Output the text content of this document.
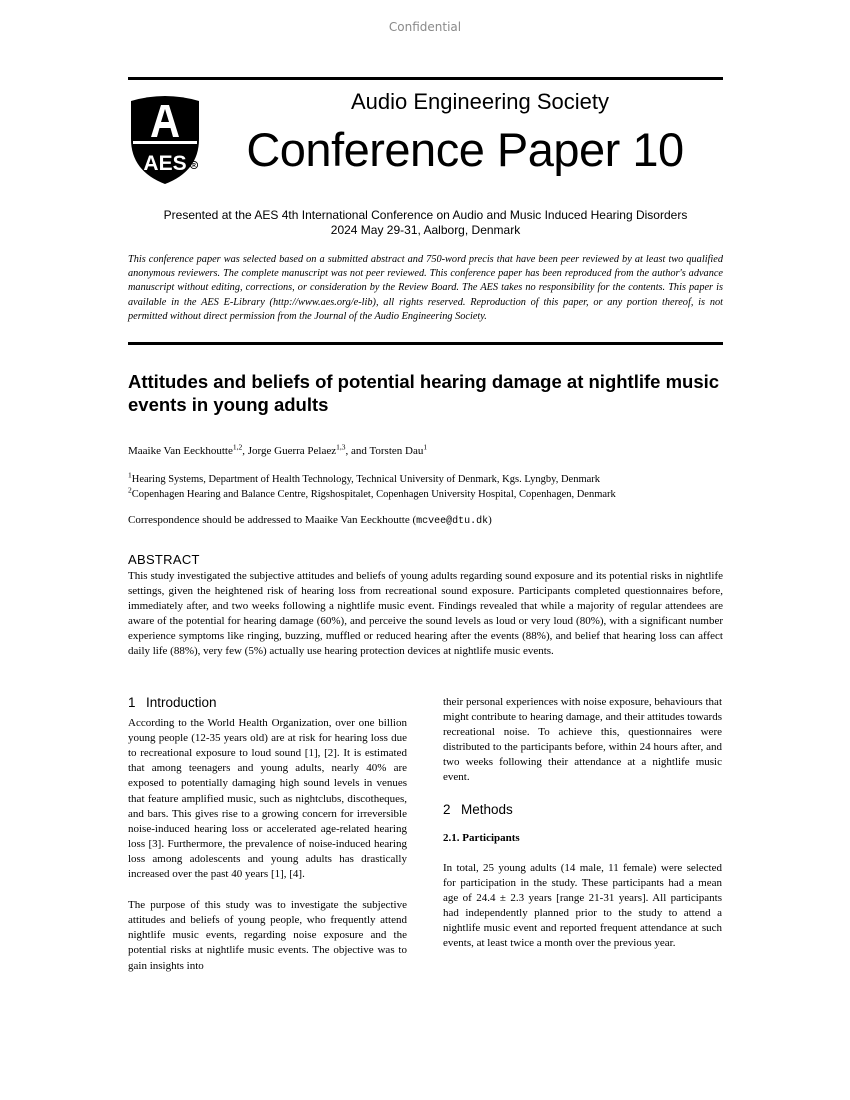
Confidential
AES R
Audio Engineering Society
Conference Paper 10
Presented at the AES 4th International Conference on Audio and Music Induced Hearing Disorders
2024 May 29-31, Aalborg, Denmark
This conference paper was selected based on a submitted abstract and 750-word precis that have been peer reviewed by at least two qualified anonymous reviewers. The complete manuscript was not peer reviewed. This conference paper has been reproduced from the author's advance manuscript without editing, corrections, or consideration by the Review Board. The AES takes no responsibility for the contents. This paper is available in the AES E-Library (http://www.aes.org/e-lib), all rights reserved. Reproduction of this paper, or any portion thereof, is not permitted without direct permission from the Journal of the Audio Engineering Society.
Attitudes and beliefs of potential hearing damage at nightlife music events in young adults
Maaike Van Eeckhoutte$^{1,2}$, Jorge Guerra Pelaez$^{1,3}$, and Torsten Dau$^1$
$^1$Hearing Systems, Department of Health Technology, Technical University of Denmark, Kgs. Lyngby, Denmark
$^2$Copenhagen Hearing and Balance Centre, Rigshospitalet, Copenhagen University Hospital, Copenhagen, Denmark
Correspondence should be addressed to Maaike Van Eeckhoutte (mcvee@dtu.dk)
ABSTRACT
This study investigated the subjective attitudes and beliefs of young adults regarding sound exposure and its potential risks in nightlife settings, given the heightened risk of hearing loss from recreational sound exposure. Participants completed questionnaires before, immediately after, and two weeks following a nightlife music event. Findings revealed that while a majority of regular attendees are aware of the potential for hearing damage (60%), and perceive the sound levels as loud or very loud (80%), with a significant number experience symptoms like ringing, buzzing, muffled or reduced hearing after the events (88%), and belief that hearing loss can affect daily life (88%), very few (5%) actually use hearing protection devices at nightlife music events.
1 Introduction

According to the World Health Organization, over one billion young people (12-35 years old) are at risk for hearing loss due to recreational exposure to loud sound [1], [2]. It is estimated that among teenagers and young adults, nearly 40% are exposed to potentially damaging high sound levels in venues that feature amplified music, such as nightclubs, discotheques, and bars. This gives rise to a growing concern for irreversible noise-induced hearing loss or accelerated age-related hearing loss [3]. Furthermore, the prevalence of noise-induced hearing loss among adolescents and young adults has drastically increased over the past 40 years [1], [4].

The purpose of this study was to investigate the subjective attitudes and beliefs of young people, who frequently attend nightlife music events, regarding noise exposure and the potential risks at nightlife music events. The objective was to gain insights into

their personal experiences with noise exposure, behaviours that might contribute to hearing damage, and their attitudes towards recreational noise. To achieve this, questionnaires were distributed to the participants before, within 24 hours after, and two weeks following their attendance at a nightlife music event.

2 Methods
2.1. Participants

In total, 25 young adults (14 male, 11 female) were selected for participation in the study. These participants had a mean age of 24.4 ± 2.3 years [range 21-31 years]. All participants had independently planned prior to the study to attend a nightlife music event and reported frequent attendance at such events, at least twice a month over the previous year.
